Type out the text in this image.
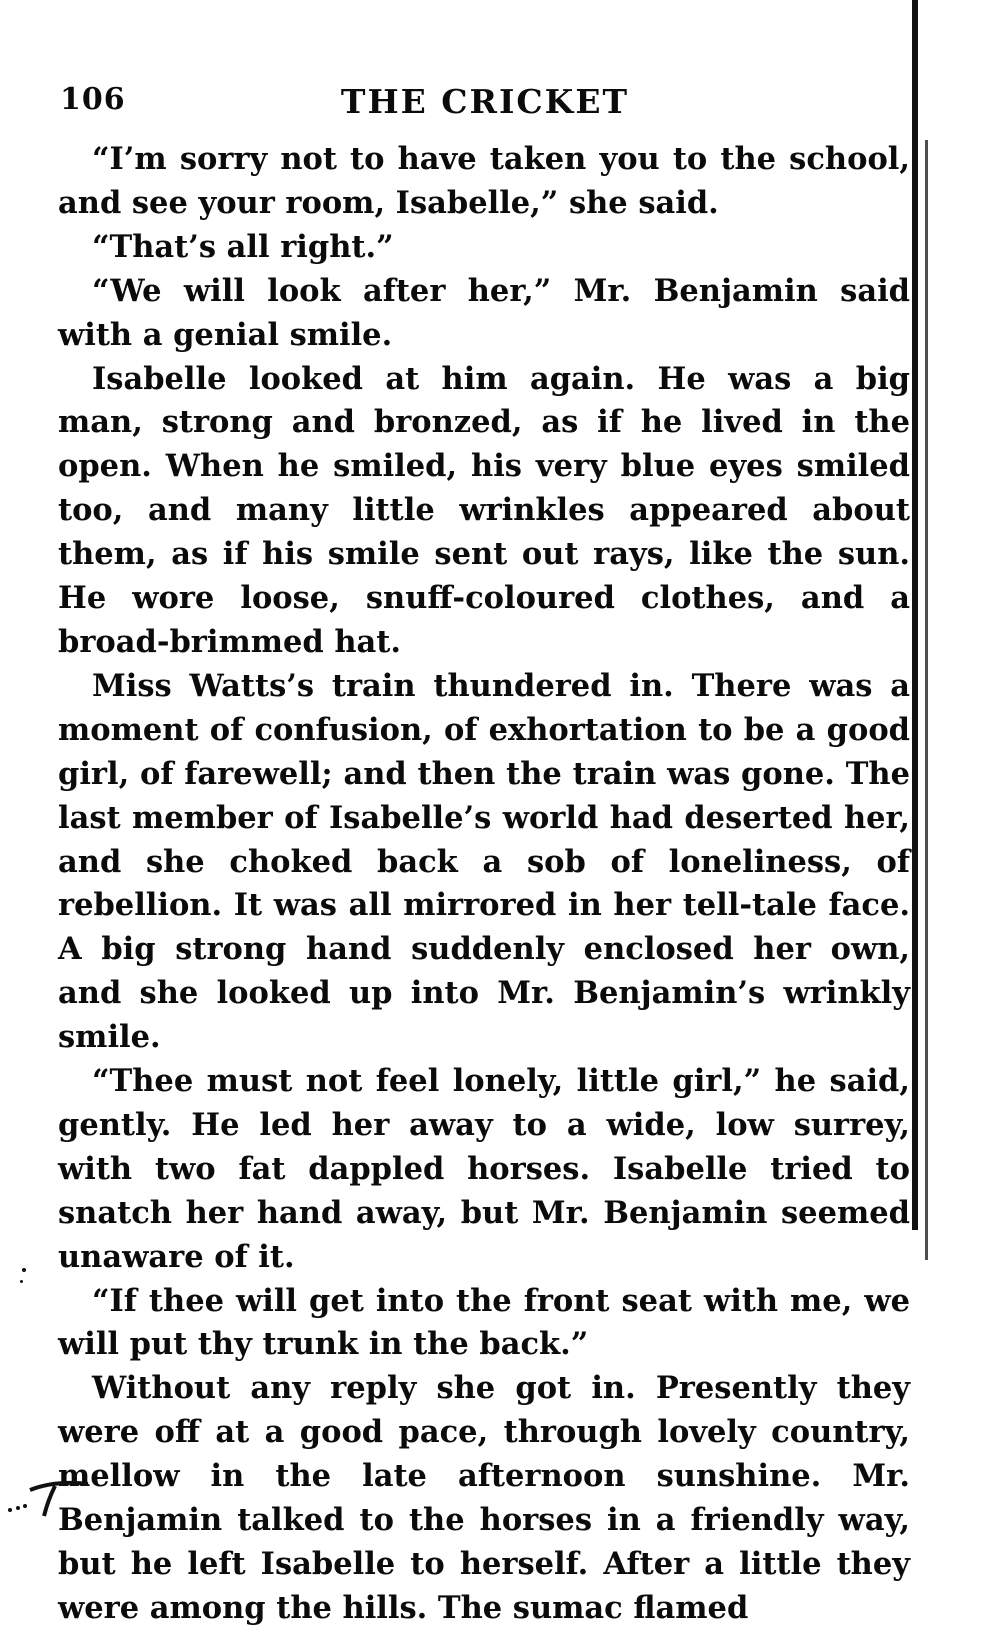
106	THE CRICKET

“I’m sorry not to have taken you to the school, and see your room, Isabelle,” she said.

“That’s all right.”

“We will look after her,” Mr. Benjamin said with a genial smile.

Isabelle looked at him again. He was a big man, strong and bronzed, as if he lived in the open. When he smiled, his very blue eyes smiled too, and many little wrinkles appeared about them, as if his smile sent out rays, like the sun. He wore loose, snuff-coloured clothes, and a broad-brimmed hat.

Miss Watts’s train thundered in. There was a moment of confusion, of exhortation to be a good girl, of farewell; and then the train was gone. The last member of Isabelle’s world had deserted her, and she choked back a sob of loneliness, of rebellion. It was all mirrored in her tell-tale face. A big strong hand suddenly enclosed her own, and she looked up into Mr. Benjamin’s wrinkly smile.

“Thee must not feel lonely, little girl,” he said, gently. He led her away to a wide, low surrey, with two fat dappled horses. Isabelle tried to snatch her hand away, but Mr. Benjamin seemed unaware of it.

“If thee will get into the front seat with me, we will put thy trunk in the back.”

Without any reply she got in. Presently they were off at a good pace, through lovely country, mellow in the late afternoon sunshine. Mr. Benjamin talked to the horses in a friendly way, but he left Isabelle to herself. After a little they were among the hills. The sumac flamed
